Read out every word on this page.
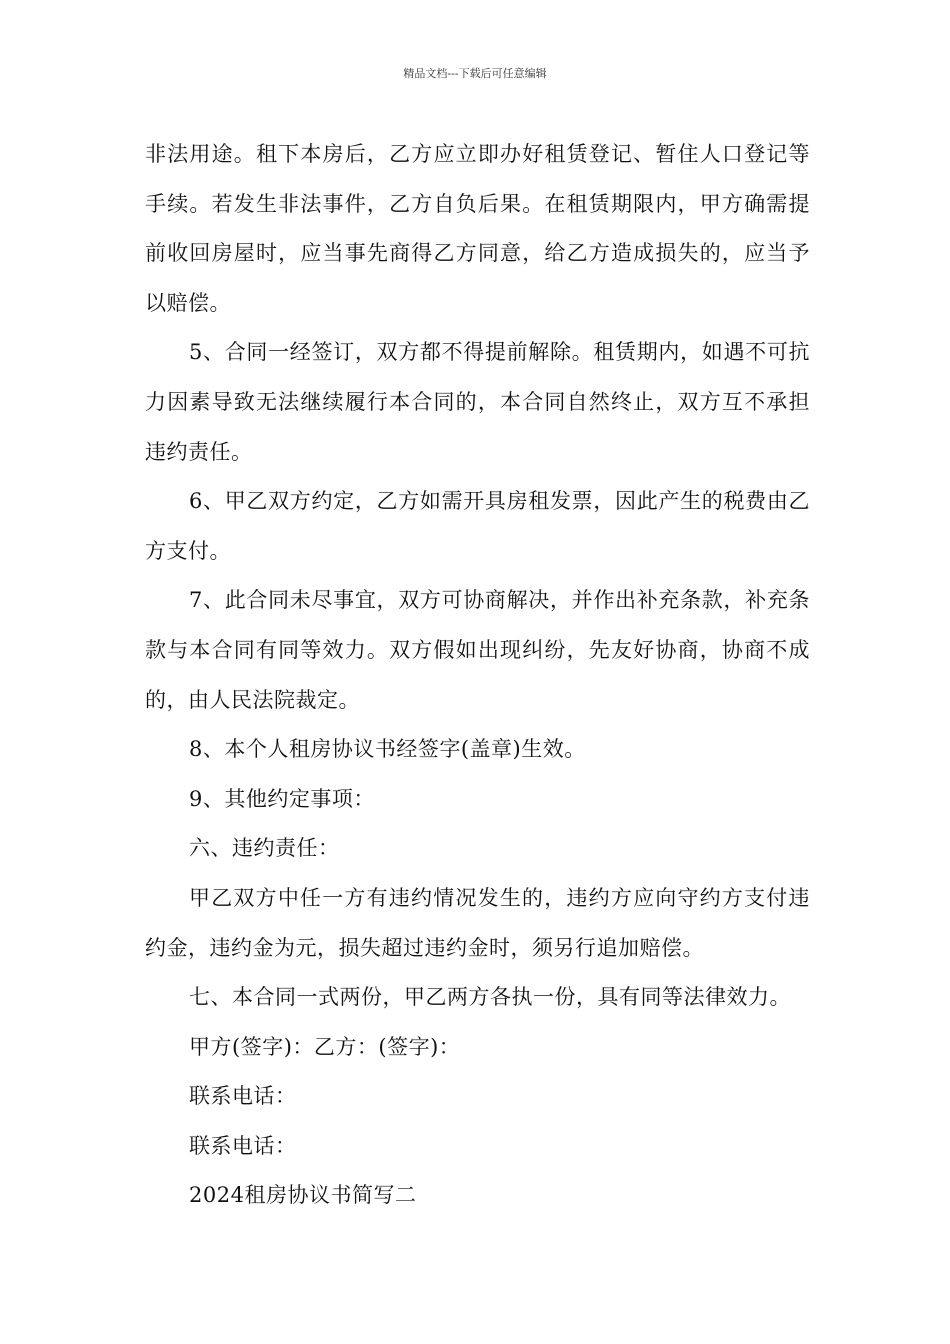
精品文档---下载后可任意编辑

非法用途。租下本房后，乙方应立即办好租赁登记、暂住人口登记等手续。若发生非法事件，乙方自负后果。在租赁期限内，甲方确需提前收回房屋时，应当事先商得乙方同意，给乙方造成损失的，应当予以赔偿。

5、合同一经签订，双方都不得提前解除。租赁期内，如遇不可抗力因素导致无法继续履行本合同的，本合同自然终止，双方互不承担违约责任。

6、甲乙双方约定，乙方如需开具房租发票，因此产生的税费由乙方支付。

7、此合同未尽事宜，双方可协商解决，并作出补充条款，补充条款与本合同有同等效力。双方假如出现纠纷，先友好协商，协商不成的，由人民法院裁定。

8、本个人租房协议书经签字(盖章)生效。

9、其他约定事项：

六、违约责任：

甲乙双方中任一方有违约情况发生的，违约方应向守约方支付违约金，违约金为元，损失超过违约金时，须另行追加赔偿。

七、本合同一式两份，甲乙两方各执一份，具有同等法律效力。

甲方(签字)：乙方：(签字)：

联系电话：

联系电话：

2024租房协议书简写二
